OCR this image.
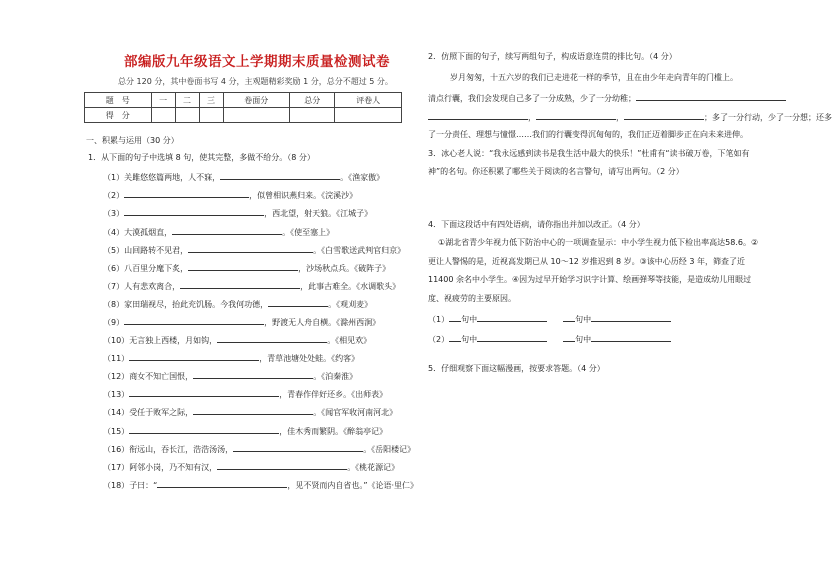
部编版九年级语文上学期期末质量检测试卷
总分 120 分，其中卷面书写 4 分，主观题精彩奖励 1 分，总分不超过 5 分。
题　号	一	二	三	卷面分	总分	评卷人
得　分						
一、积累与运用（30 分）
1．从下面的句子中选填 8 句，使其完整，多做不给分。（8 分）
（1）关雎悠悠篇两地，人不寐，	。《渔家傲》
（2）	，似曾相识燕归来。《浣溪沙》
（3）	，西北望，射天狼。《江城子》
（4）大漠孤烟直，	。《使至塞上》
（5）山回路转不见君，	。《白雪歌送武判官归京》
（6）八百里分麾下炙，	，沙场秋点兵。《破阵子》
（7）人有悲欢离合，	，此事古难全。《水调歌头》
（8）家田瑞视尽，抬此充饥肠。今我何功德，	。《观刈麦》
（9）	，野渡无人舟自横。《滁州西涧》
（10）无言独上西楼，月如钩，	。《相见欢》
（11）	，青草池塘处处蛙。《约客》
（12）商女不知亡国恨，	。《泊秦淮》
（13）	，青春作伴好还乡。《出师表》
（14）受任于败军之际，	。《闻官军收河南河北》
（15）	，佳木秀而繁阴。《醉翁亭记》
（16）衔远山，吞长江，浩浩汤汤，	。《岳阳楼记》
（17）阿邻小岗，乃不知有汉，	。《桃花源记》
（18）子曰：“	，见不贤而内自省也。”《论语·里仁》
2．仿照下面的句子，续写两组句子，构成语意连贯的排比句。（4 分）
岁月匆匆，十五六岁的我们已走进花一样的季节，且在由少年走向青年的门槛上。
清点行囊，我们会发现自己多了一分成熟，少了一分幼稚；
，	，	；多了一分行动，少了一分想；还多
了一分责任、理想与憧憬……我们的行囊变得沉甸甸的，我们正迈着脚步正在向未来进伸。
3．冰心老人说：“我永远感到读书是我生活中最大的快乐！”杜甫有“读书破万卷，下笔如有
神”的名句。你还积累了哪些关于阅读的名言警句，请写出两句。（2 分）
4．下面这段话中有四处语病，请你指出并加以改正。（4 分）
①湖北省青少年视力低下防治中心的一项调查显示：中小学生视力低下检出率高达58.6。②
更让人警惕的是，近视高发期已从 10～12 岁推迟到 8 岁。③该中心历经 3 年，筛查了近
11400 余名中小学生。④因为过早开始学习识字计算、绘画弹琴等技能，是造成幼儿用眼过
度、视疲劳的主要原因。
（1） 句中　　	句中
（2） 句中　　	句中
5．仔细观察下面这幅漫画，按要求答题。（4 分）
